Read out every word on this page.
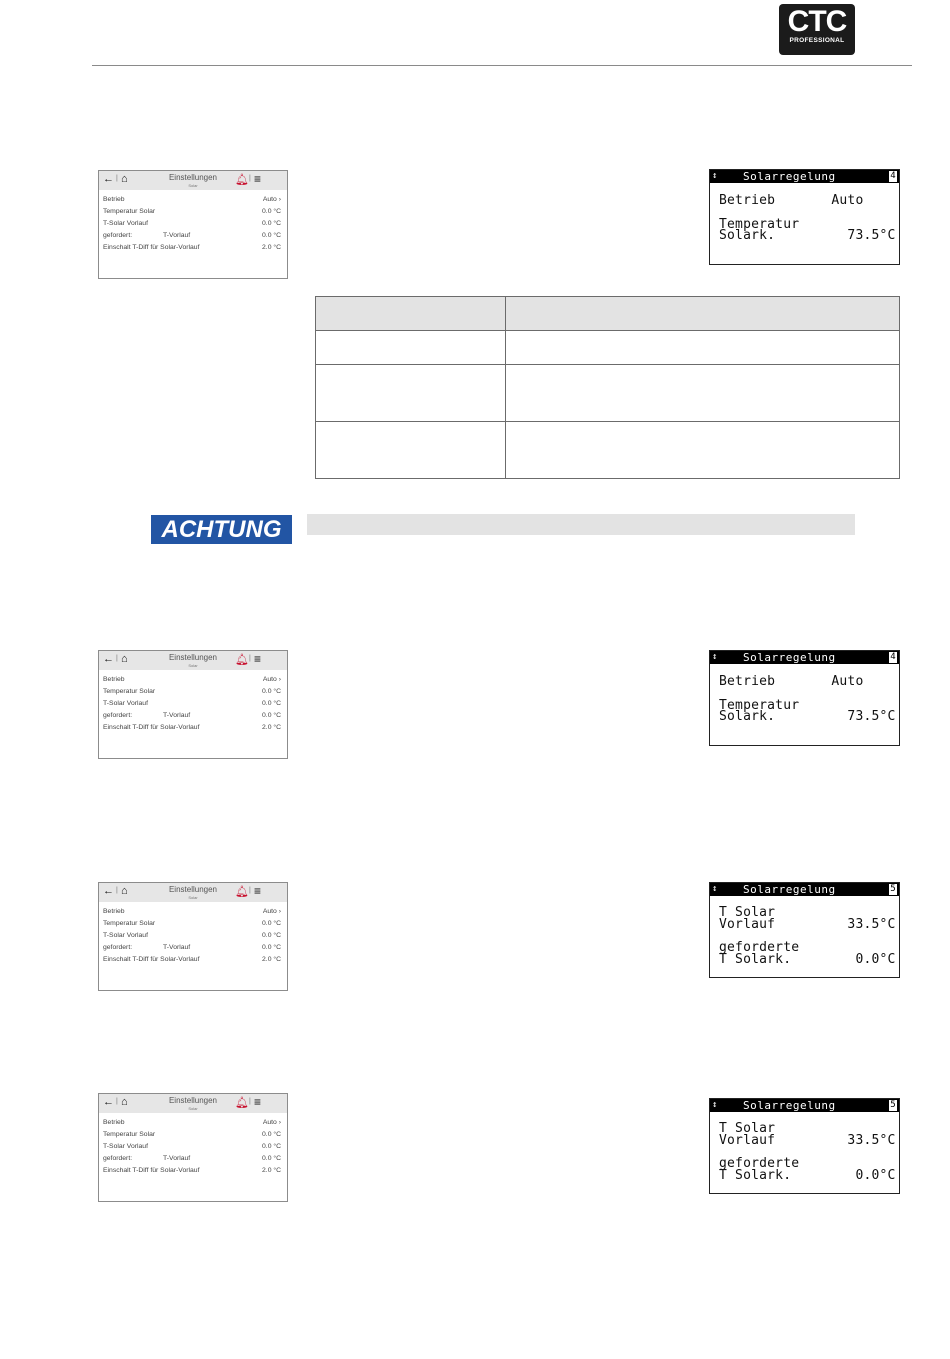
CTC
PROFESSIONAL
← | ⌂	Einstellungen
Solar	🔔︎ | ≡
Betrieb	Auto ›
Temperatur Solar	0.0 °C
T-Solar Vorlauf	0.0 °C
gefordert:	T-Vorlauf	0.0 °C
Einschalt T-Diff für Solar-Vorlauf	2.0 °C
↕ Solarregelung	4
Betrieb       Auto
Temperatur
Solark.         73.5°C

ACHTUNG
← | ⌂	Einstellungen
Solar	🔔︎ | ≡
Betrieb	Auto ›
Temperatur Solar	0.0 °C
T-Solar Vorlauf	0.0 °C
gefordert:	T-Vorlauf	0.0 °C
Einschalt T-Diff für Solar-Vorlauf	2.0 °C
↕ Solarregelung	4
Betrieb       Auto
Temperatur
Solark.         73.5°C
← | ⌂	Einstellungen
Solar	🔔︎ | ≡
Betrieb	Auto ›
Temperatur Solar	0.0 °C
T-Solar Vorlauf	0.0 °C
gefordert:	T-Vorlauf	0.0 °C
Einschalt T-Diff für Solar-Vorlauf	2.0 °C
↕ Solarregelung	5
T Solar
Vorlauf         33.5°C
geforderte
T Solark.        0.0°C
← | ⌂	Einstellungen
Solar	🔔︎ | ≡
Betrieb	Auto ›
Temperatur Solar	0.0 °C
T-Solar Vorlauf	0.0 °C
gefordert:	T-Vorlauf	0.0 °C
Einschalt T-Diff für Solar-Vorlauf	2.0 °C
↕ Solarregelung	5
T Solar
Vorlauf         33.5°C
geforderte
T Solark.        0.0°C
